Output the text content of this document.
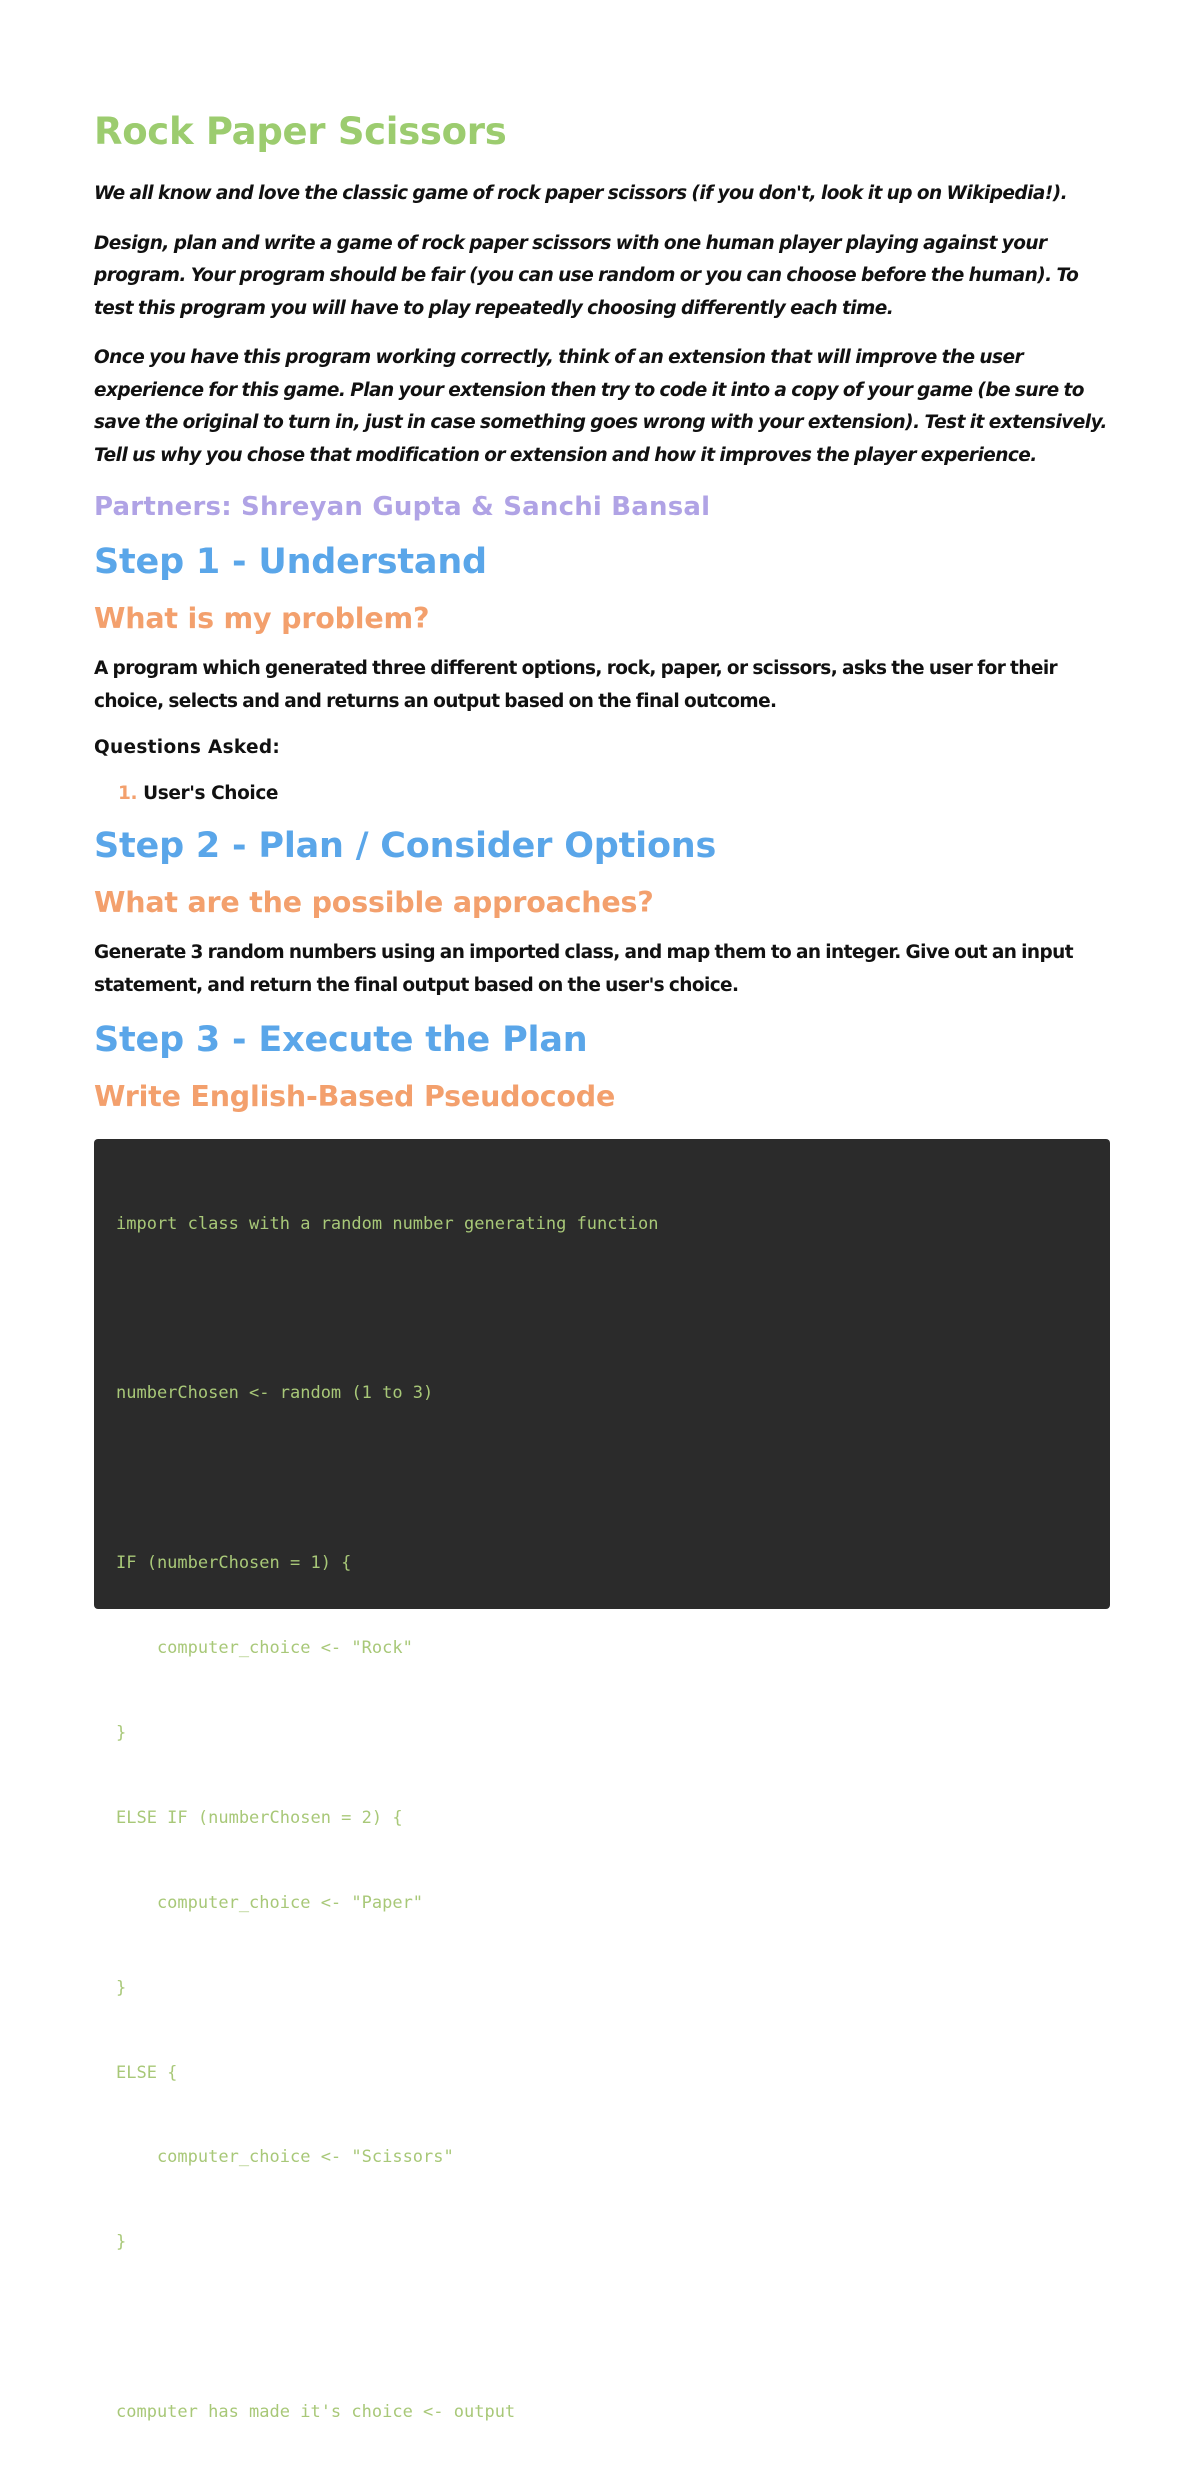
Rock Paper Scissors

We all know and love the classic game of rock paper scissors (if you don't, look it up on Wikipedia!).

Design, plan and write a game of rock paper scissors with one human player playing against your program. Your program should be fair (you can use random or you can choose before the human). To test this program you will have to play repeatedly choosing differently each time.

Once you have this program working correctly, think of an extension that will improve the user experience for this game. Plan your extension then try to code it into a copy of your game (be sure to save the original to turn in, just in case something goes wrong with your extension). Test it extensively. Tell us why you chose that modification or extension and how it improves the player experience.

Partners: Shreyan Gupta & Sanchi Bansal
Step 1 - Understand
What is my problem?

A program which generated three different options, rock, paper, or scissors, asks the user for their choice, selects and and returns an output based on the final outcome.

Questions Asked:
1. User's Choice
Step 2 - Plan / Consider Options
What are the possible approaches?

Generate 3 random numbers using an imported class, and map them to an integer. Give out an input statement, and return the final output based on the user's choice.

Step 3 - Execute the Plan
Write English-Based Pseudocode

import class with a random number generating function

numberChosen <- random (1 to 3)

IF (numberChosen = 1) {

computer_choice <- "Rock"

}

ELSE IF (numberChosen = 2) {

computer_choice <- "Paper"

}

ELSE {

computer_choice <- "Scissors"

}

computer has made it's choice <- output
